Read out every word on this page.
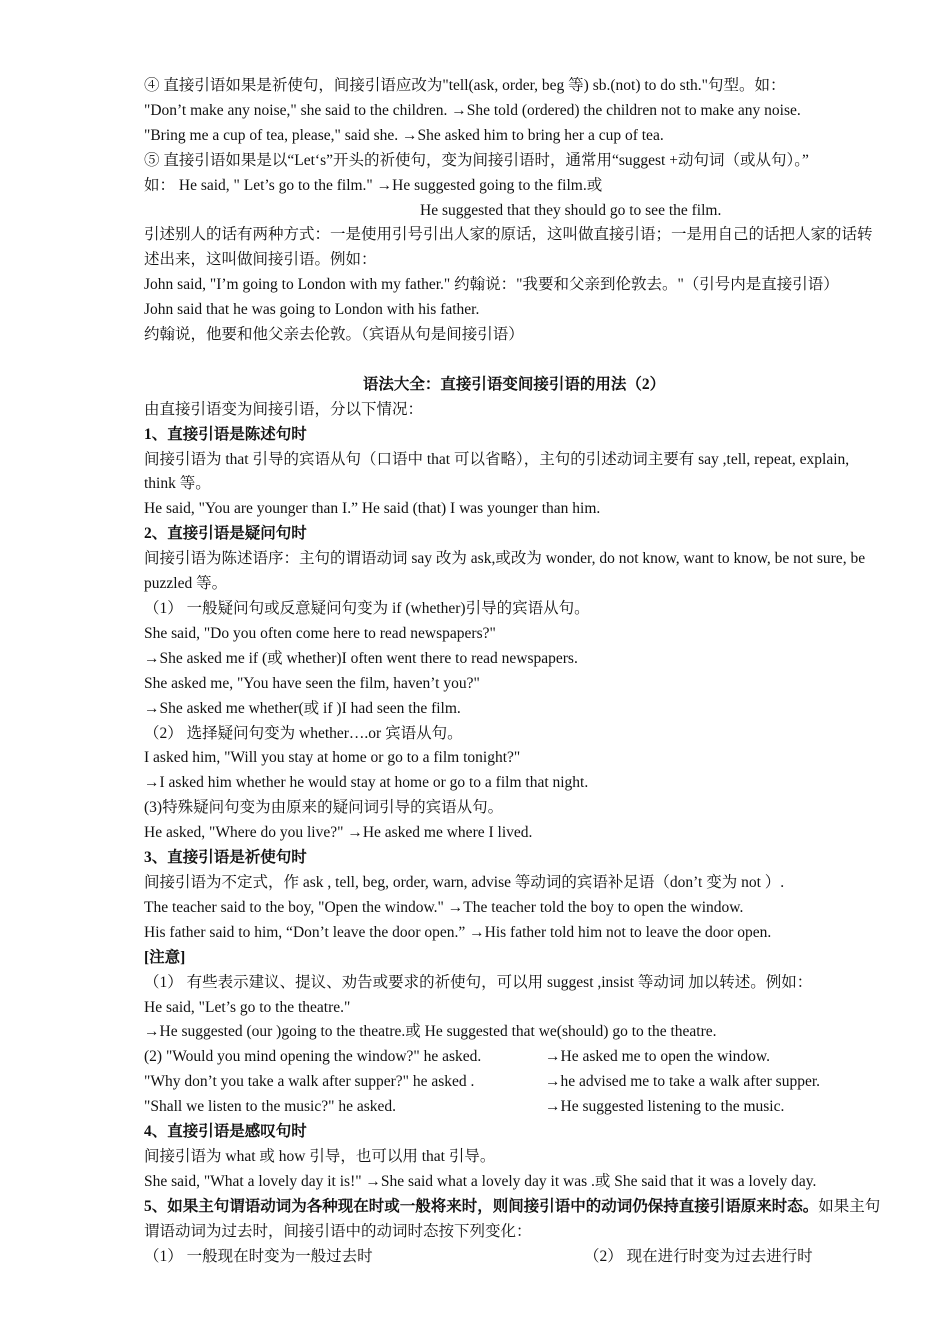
④ 直接引语如果是祈使句，间接引语应改为"tell(ask, order, beg 等) sb.(not) to do sth."句型。如：
"Don’t make any noise," she said to the children. →She told (ordered) the children not to make any noise.
"Bring me a cup of tea, please," said she. →She asked him to bring her a cup of tea.
⑤ 直接引语如果是以“Let‘s”开头的祈使句，变为间接引语时，通常用“suggest +动句词（或从句）。”
如： He said, " Let’s go to the film." →He suggested going to the film.或
He suggested that they should go to see the film.
引述别人的话有两种方式：一是使用引号引出人家的原话，这叫做直接引语；一是用自己的话把人家的话转述出来，这叫做间接引语。例如：
John said, "I’m going to London with my father." 约翰说："我要和父亲到伦敦去。"（引号内是直接引语）
John said that he was going to London with his father.
约翰说，他要和他父亲去伦敦。（宾语从句是间接引语）
语法大全：直接引语变间接引语的用法（2）
由直接引语变为间接引语，分以下情况：
1、直接引语是陈述句时
间接引语为 that 引导的宾语从句（口语中 that 可以省略），主句的引述动词主要有 say ,tell, repeat, explain, think 等。
He said, "You are younger than I.” He said (that) I was younger than him.
2、直接引语是疑问句时
间接引语为陈述语序：主句的谓语动词 say 改为 ask,或改为 wonder, do not know, want to know, be not sure, be puzzled 等。
（1） 一般疑问句或反意疑问句变为 if (whether)引导的宾语从句。
She said, "Do you often come here to read newspapers?"
→She asked me if (或 whether)I often went there to read newspapers.
She asked me, "You have seen the film, haven’t you?"
→She asked me whether(或 if )I had seen the film.
（2） 选择疑问句变为 whether….or 宾语从句。
I asked him, "Will you stay at home or go to a film tonight?"
→I asked him whether he would stay at home or go to a film that night.
(3)特殊疑问句变为由原来的疑问词引导的宾语从句。
He asked, "Where do you live?" →He asked me where I lived.
3、直接引语是祈使句时
间接引语为不定式，作 ask , tell, beg, order, warn, advise 等动词的宾语补足语（don’t 变为 not ）.
The teacher said to the boy, "Open the window." →The teacher told the boy to open the window.
His father said to him, “Don’t leave the door open.” →His father told him not to leave the door open.
[注意]
（1） 有些表示建议、提议、劝告或要求的祈使句，可以用 suggest ,insist 等动词 加以转述。例如：
He said, "Let’s go to the theatre."
→He suggested (our )going to the theatre.或 He suggested that we(should) go to the theatre.
(2) "Would you mind opening the window?" he asked.	→He asked me to open the window.
"Why don’t you take a walk after supper?" he asked .	→he advised me to take a walk after supper.
"Shall we listen to the music?" he asked.	→He suggested listening to the music.
4、直接引语是感叹句时
间接引语为 what 或 how 引导，也可以用 that 引导。
She said, "What a lovely day it is!" →She said what a lovely day it was .或 She said that it was a lovely day.
5、如果主句谓语动词为各种现在时或一般将来时，则间接引语中的动词仍保持直接引语原来时态。如果主句谓语动词为过去时，间接引语中的动词时态按下列变化：
（1） 一般现在时变为一般过去时	（2） 现在进行时变为过去进行时
